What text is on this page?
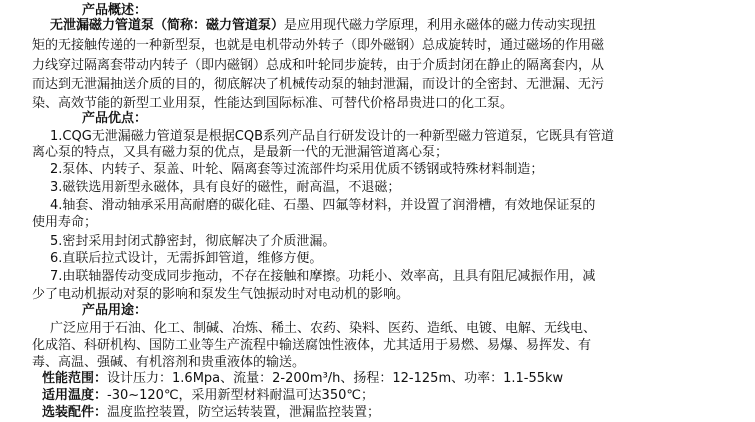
产品概述：
无泄漏磁力管道泵（简称：磁力管道泵）是应用现代磁力学原理，利用永磁体的磁力传动实现扭
矩的无接触传递的一种新型泵，也就是电机带动外转子（即外磁钢）总成旋转时，通过磁场的作用磁
力线穿过隔离套带动内转子（即内磁钢）总成和叶轮同步旋转，由于介质封闭在静止的隔离套内，从
而达到无泄漏抽送介质的目的，彻底解决了机械传动泵的轴封泄漏，而设计的全密封、无泄漏、无污
染、高效节能的新型工业用泵，性能达到国际标准、可替代价格昂贵进口的化工泵。
产品优点：
1.CQG无泄漏磁力管道泵是根据CQB系列产品自行研发设计的一种新型磁力管道泵，它既具有管道
离心泵的特点，又具有磁力泵的优点，是最新一代的无泄漏管道离心泵；
2.泵体、内转子、泵盖、叶轮、隔离套等过流部件均采用优质不锈钢或特殊材料制造；
3.磁铁选用新型永磁体，具有良好的磁性，耐高温，不退磁；
4.轴套、滑动轴承采用高耐磨的碳化硅、石墨、四氟等材料，并设置了润滑槽，有效地保证泵的
使用寿命；
5.密封采用封闭式静密封，彻底解决了介质泄漏。
6.直联后拉式设计，无需拆卸管道，维修方便。
7.由联轴器传动变成同步拖动，不存在接触和摩擦。功耗小、效率高，且具有阻尼减振作用，减
少了电动机振动对泵的影响和泵发生气蚀振动时对电动机的影响。
产品用途：
广泛应用于石油、化工、制碱、冶炼、稀土、农药、染料、医药、造纸、电镀、电解、无线电、
化成箔、科研机构、国防工业等生产流程中输送腐蚀性液体，尤其适用于易燃、易爆、易挥发、有
毒、高温、强碱、有机溶剂和贵重液体的输送。
性能范围：设计压力：1.6Mpa、流量：2-200m³/h、扬程：12-125m、功率：1.1-55kw
适用温度：-30~120℃，采用新型材料耐温可达350℃；
选装配件：温度监控装置，防空运转装置，泄漏监控装置；
